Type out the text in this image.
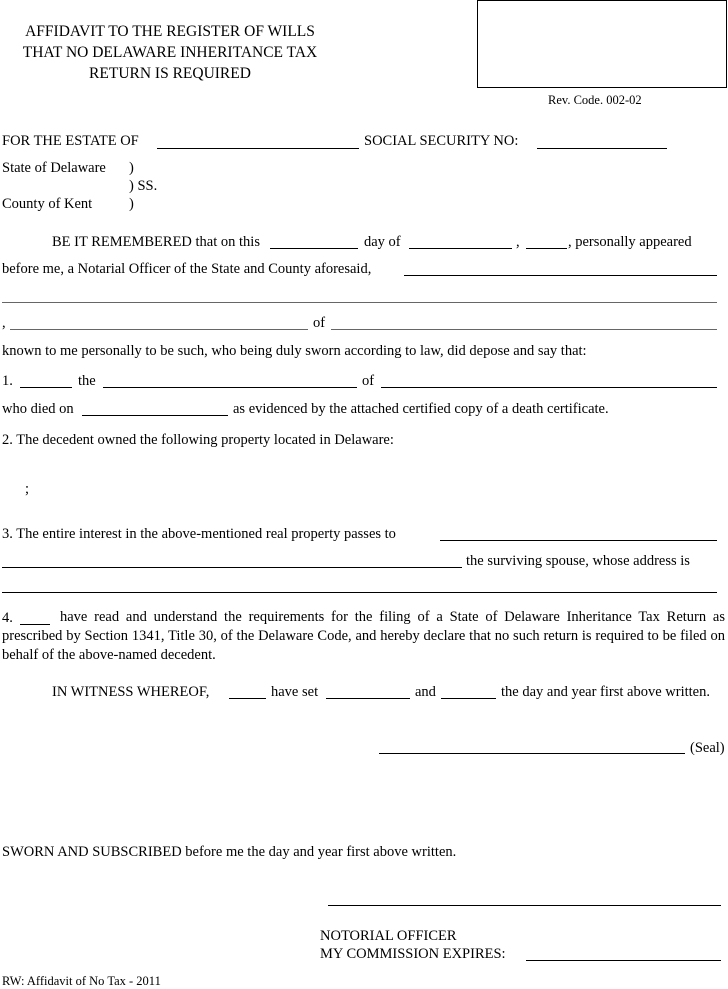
AFFIDAVIT TO THE REGISTER OF WILLS
THAT NO DELAWARE INHERITANCE TAX
RETURN IS REQUIRED
Rev. Code. 002-02
FOR THE ESTATE OF	SOCIAL SECURITY NO:
State of Delaware )
) SS.
County of Kent	)
BE IT REMEMBERED that on this	day of	,	, personally appeared
before me, a Notarial Officer of the State and County aforesaid,
,	of
known to me personally to be such, who being duly sworn according to law, did depose and say that:
1.	the	of
who died on	as evidenced by the attached certified copy of a death certificate.
2. The decedent owned the following property located in Delaware:
;
3. The entire interest in the above-mentioned real property passes to
the surviving spouse, whose address is
4.	have read and understand the requirements for the filing of a State of Delaware Inheritance Tax Return as prescribed by Section 1341, Title 30, of the Delaware Code, and hereby declare that no such return is required to be filed on behalf of the above-named decedent.
IN WITNESS WHEREOF,	have set	and	the day and year first above written.
(Seal)
SWORN AND SUBSCRIBED before me the day and year first above written.
NOTORIAL OFFICER
MY COMMISSION EXPIRES:
RW: Affidavit of No Tax - 2011
